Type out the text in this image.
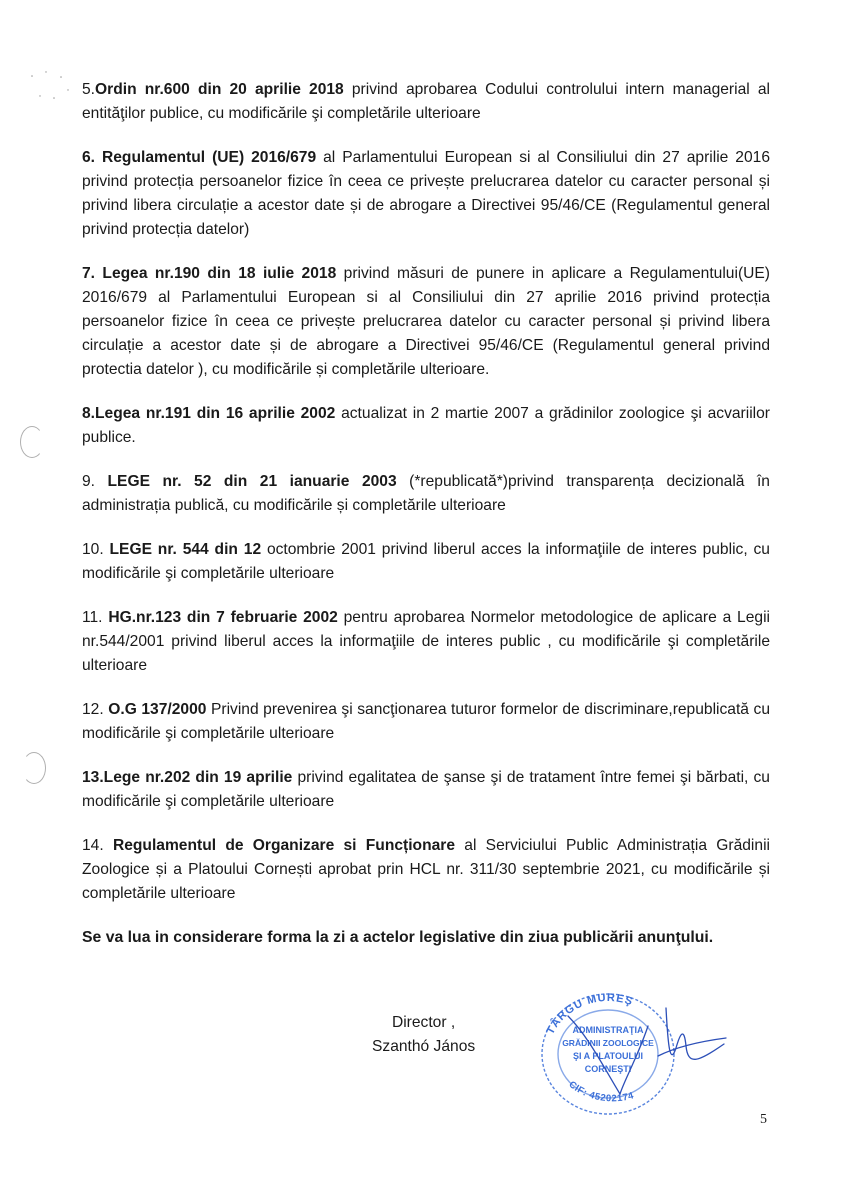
5.Ordin nr.600 din 20 aprilie 2018 privind aprobarea Codului controlului intern managerial al entităţilor publice, cu modificările şi completările ulterioare

6. Regulamentul (UE) 2016/679 al Parlamentului European si al Consiliului din 27 aprilie 2016 privind protecția persoanelor fizice în ceea ce privește prelucrarea datelor cu caracter personal și privind libera circulație a acestor date și de abrogare a Directivei 95/46/CE (Regulamentul general privind protecția datelor)

7. Legea nr.190 din 18 iulie 2018 privind măsuri de punere in aplicare a Regulamentului(UE) 2016/679 al Parlamentului European si al Consiliului din 27 aprilie 2016 privind protecția persoanelor fizice în ceea ce privește prelucrarea datelor cu caracter personal și privind libera circulație a acestor date și de abrogare a Directivei 95/46/CE (Regulamentul general privind protectia datelor ), cu modificările și completările ulterioare.

8.Legea nr.191 din 16 aprilie 2002 actualizat in 2 martie 2007 a grădinilor zoologice şi acvariilor publice.

9. LEGE nr. 52 din 21 ianuarie 2003 (*republicată*)privind transparența decizională în administrația publică, cu modificările și completările ulterioare

10. LEGE nr. 544 din 12 octombrie 2001 privind liberul acces la informaţiile de interes public, cu modificările şi completările ulterioare

11. HG.nr.123 din 7 februarie 2002 pentru aprobarea Normelor metodologice de aplicare a Legii nr.544/2001 privind liberul acces la informaţiile de interes public , cu modificările şi completările ulterioare

12. O.G 137/2000 Privind prevenirea şi sancţionarea tuturor formelor de discriminare,republicată cu modificările şi completările ulterioare

13.Lege nr.202 din 19 aprilie privind egalitatea de şanse şi de tratament între femei şi bărbati, cu modificările şi completările ulterioare

14. Regulamentul de Organizare si Funcționare al Serviciului Public Administrația Grădinii Zoologice și a Platoului Cornești aprobat prin HCL nr. 311/30 septembrie 2021, cu modificările și completările ulterioare

Se va lua in considerare forma la zi a actelor legislative din ziua publicării anunţului.

Director ,
Szanthó János
TÂRGU MUREŞ
ADMINISTRAŢIA
GRĂDINII ZOOLOGICE
ŞI A PLATOULUI
CORNEŞTI
CIF: 45202174
5
